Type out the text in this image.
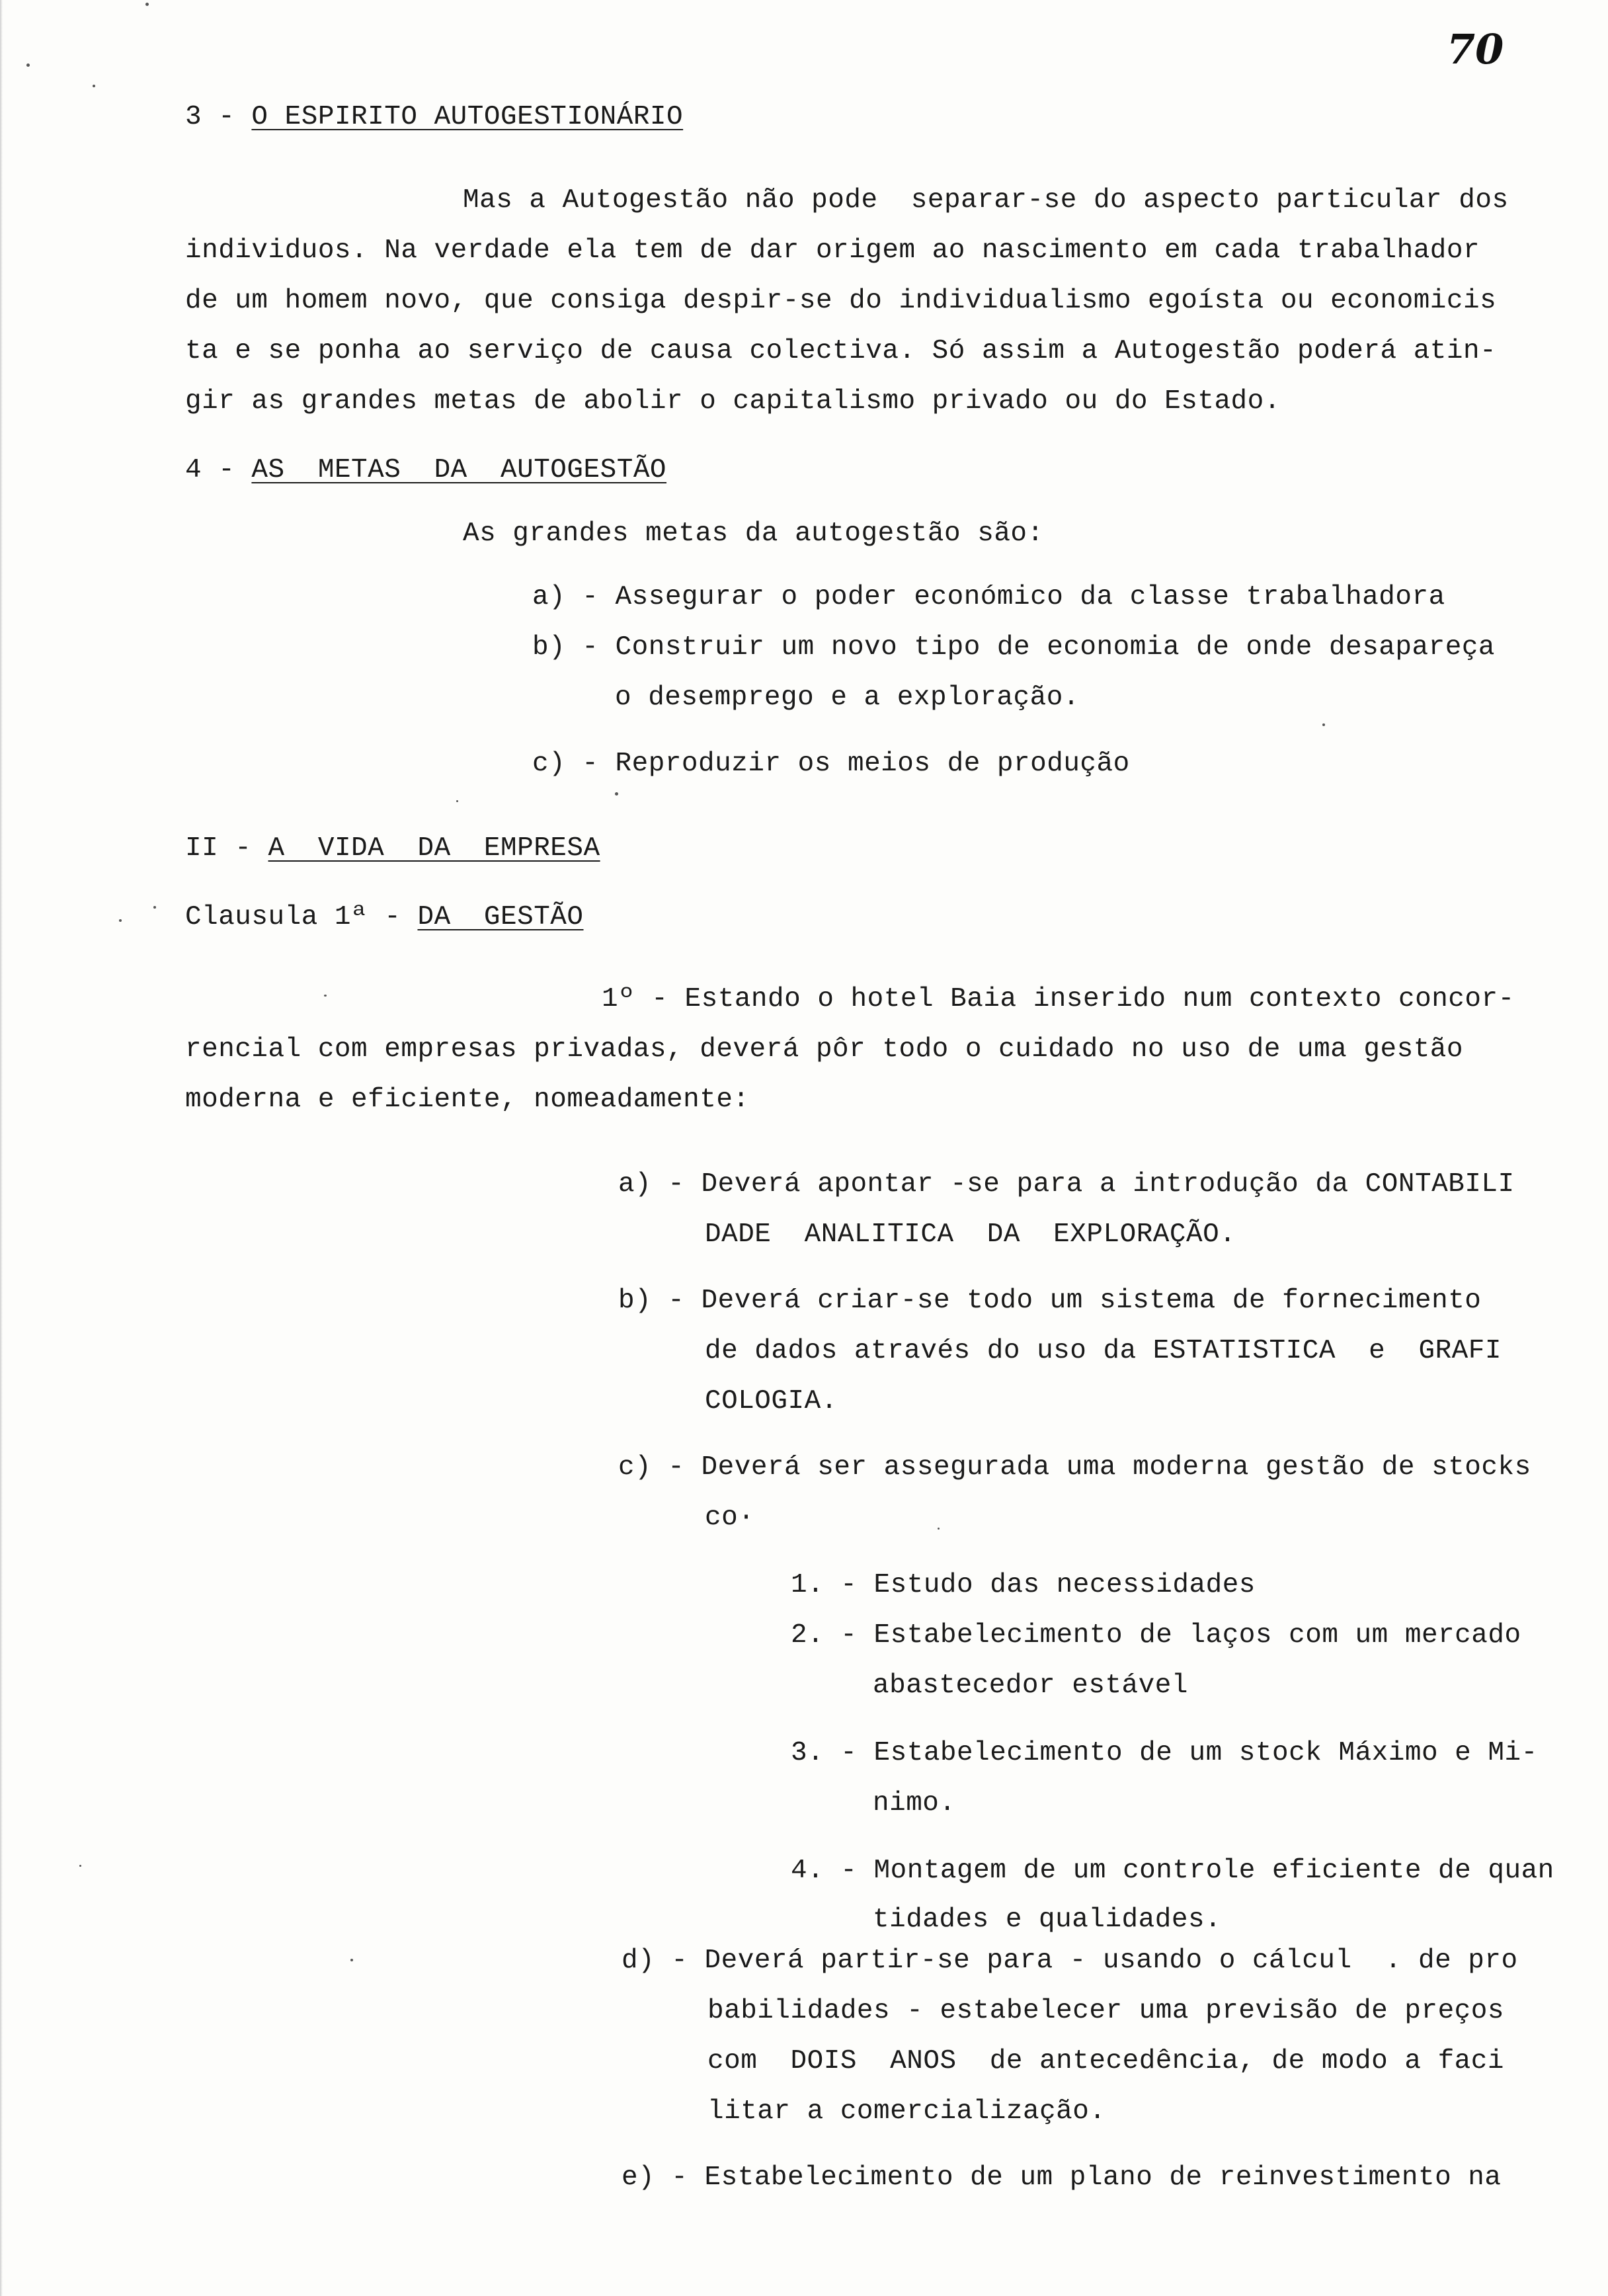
70
3 - O ESPIRITO AUTOGESTIONÁRIO
Mas a Autogestão não pode  separar-se do aspecto particular dos
individuos. Na verdade ela tem de dar origem ao nascimento em cada trabalhador
de um homem novo, que consiga despir-se do individualismo egoísta ou economicis
ta e se ponha ao serviço de causa colectiva. Só assim a Autogestão poderá atin-
gir as grandes metas de abolir o capitalismo privado ou do Estado.
4 - AS  METAS  DA  AUTOGESTÃO
As grandes metas da autogestão são:
a) - Assegurar o poder económico da classe trabalhadora
b) - Construir um novo tipo de economia de onde desapareça
o desemprego e a exploração.
c) - Reproduzir os meios de produção
II - A  VIDA  DA  EMPRESA
Clausula 1ª - DA  GESTÃO
1º - Estando o hotel Baia inserido num contexto concor-
rencial com empresas privadas, deverá pôr todo o cuidado no uso de uma gestão
moderna e eficiente, nomeadamente:
a) - Deverá apontar -se para a introdução da CONTABILI
DADE  ANALITICA  DA  EXPLORAÇÃO.
b) - Deverá criar-se todo um sistema de fornecimento
de dados através do uso da ESTATISTICA  e  GRAFI
COLOGIA.
c) - Deverá ser assegurada uma moderna gestão de stocks
co·
1. - Estudo das necessidades
2. - Estabelecimento de laços com um mercado
abastecedor estável
3. - Estabelecimento de um stock Máximo e Mi-
nimo.
4. - Montagem de um controle eficiente de quan
tidades e qualidades.
d) - Deverá partir-se para - usando o cálcul  . de pro
babilidades - estabelecer uma previsão de preços
com  DOIS  ANOS  de antecedência, de modo a faci
litar a comercialização.
e) - Estabelecimento de um plano de reinvestimento na
